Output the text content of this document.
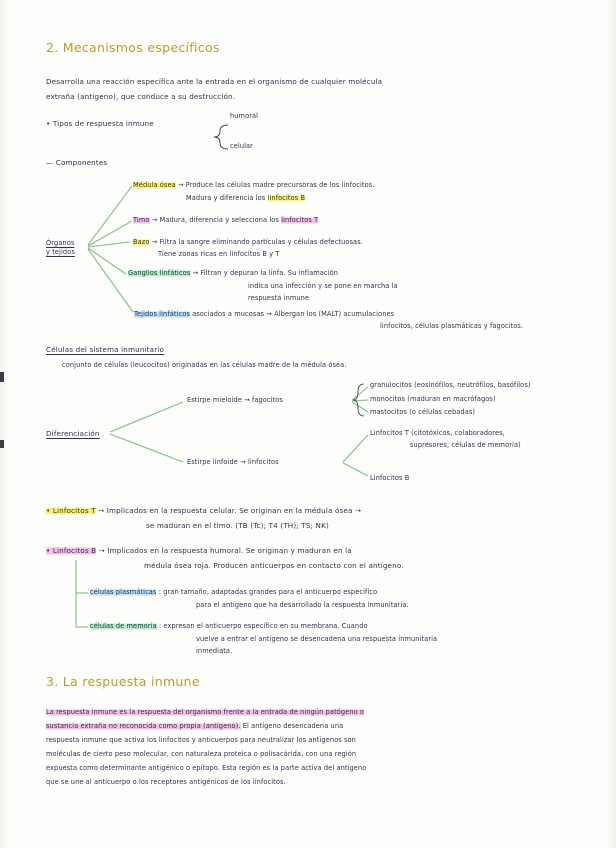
2. Mecanismos específicos
Desarrolla una reacción específica ante la entrada en el organismo de cualquier molécula
extraña (antígeno), que conduce a su destrucción.
• Tipos de respuesta inmune
humoral
celular
— Componentes
Órganos
y tejidos
Médula ósea → Produce las células madre precursoras de los linfocitos.
Madura y diferencia los linfocitos B
Timo → Madura, diferencia y selecciona los linfocitos T
Bazo → Filtra la sangre eliminando partículas y células defectuosas.
Tiene zonas ricas en linfocitos B y T
Ganglios linfáticos → Filtran y depuran la linfa. Su inflamación
indica una infección y se pone en marcha la
respuesta inmune
Tejidos linfáticos asociados a mucosas → Albergan los (MALT) acumulaciones
linfocitos, células plasmáticas y fagocitos.
Células del sistema inmunitario
conjunto de células (leucocitos) originadas en las células madre de la médula ósea.
Diferenciación
Estirpe mieloide → fagocitos
granulocitos (eosinófilos, neutrófilos, basófilos)
monocitos (maduran en macrófagos)
mastocitos (o células cebadas)
Estirpe linfoide → linfocitos
Linfocitos T (citotóxicos, colaboradores,
supresores, células de memoria)
Linfocitos B
• Linfocitos T → Implicados en la respuesta celular. Se originan en la médula ósea →
se maduran en el timo. (TB (Tc); T4 (TH); TS; NK)
• Linfocitos B → Implicados en la respuesta humoral. Se originan y maduran en la
médula ósea roja. Producen anticuerpos en contacto con el antígeno.
células plasmáticas : gran tamaño, adaptadas grandes para el anticuerpo específico
para el antígeno que ha desarrollado la respuesta inmunitaria.
células de memoria : expresan el anticuerpo específico en su membrana. Cuando
vuelve a entrar el antígeno se desencadena una respuesta inmunitaria
inmediata.
3. La respuesta inmune
La respuesta inmune es la respuesta del organismo frente a la entrada de ningún patógeno o
sustancia extraña no reconocida como propia (antígeno). El antígeno desencadena una
respuesta inmune que activa los linfocitos y anticuerpos para neutralizar los antígenos son
moléculas de cierto peso molecular, con naturaleza proteica o polisacárida, con una región
expuesta como determinante antigénico o epítopo. Esta región es la parte activa del antígeno
que se une al anticuerpo o los receptores antigénicos de los linfocitos.
